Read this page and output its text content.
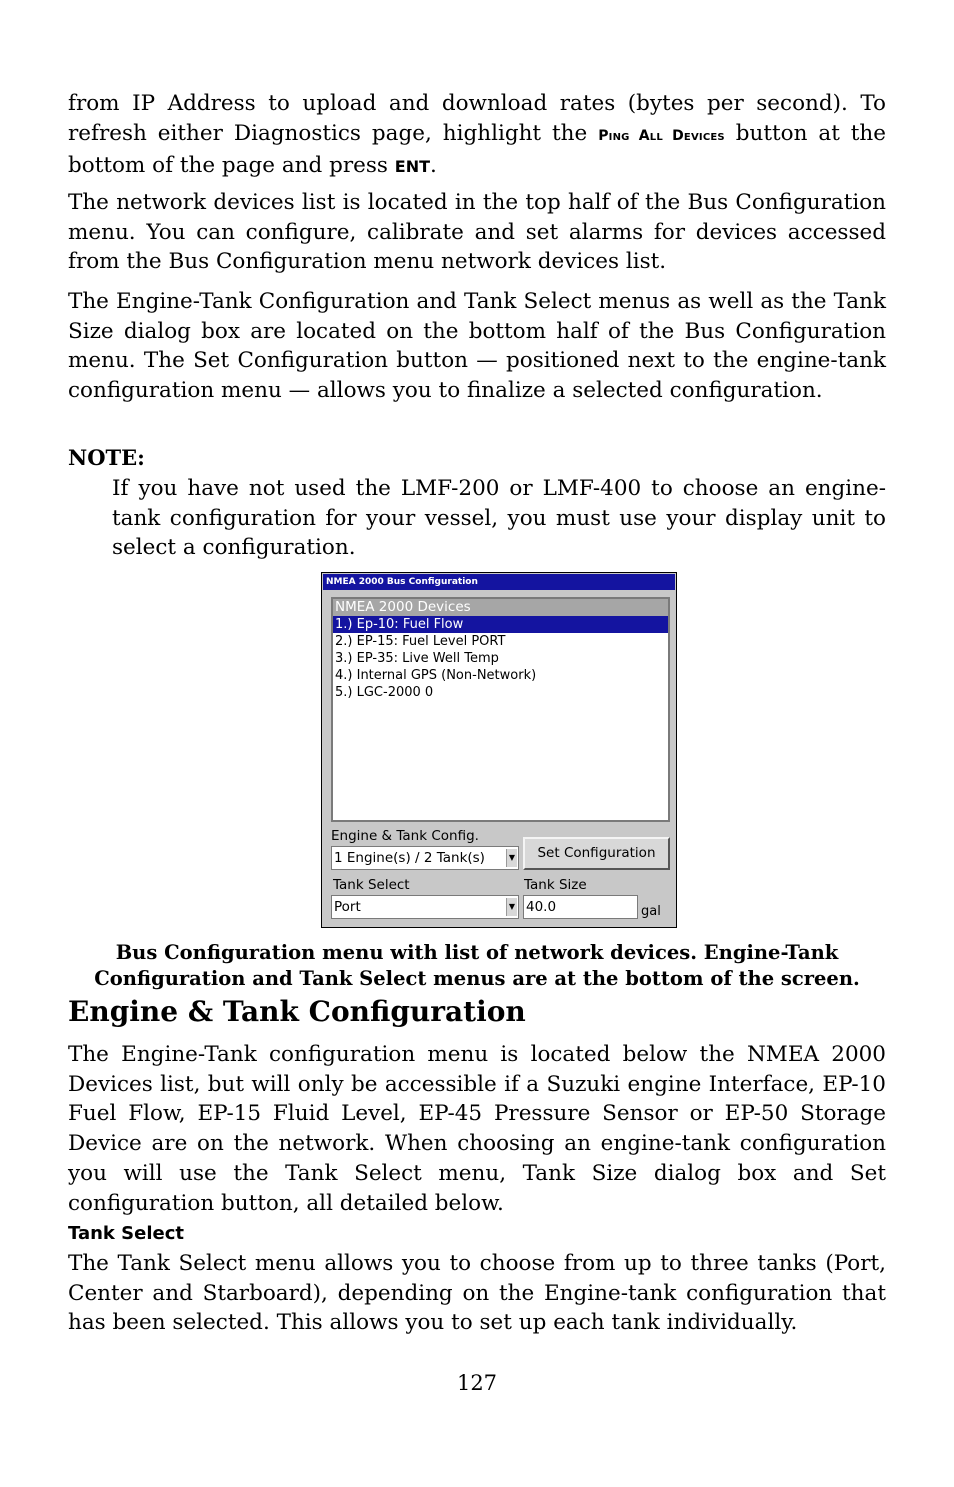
from IP Address to upload and download rates (bytes per second). To refresh either Diagnostics page, highlight the Ping All Devices button at the bottom of the page and press ENT.

The network devices list is located in the top half of the Bus Configuration menu. You can configure, calibrate and set alarms for devices accessed from the Bus Configuration menu network devices list.

The Engine-Tank Configuration and Tank Select menus as well as the Tank Size dialog box are located on the bottom half of the Bus Configuration menu. The Set Configuration button — positioned next to the engine-tank configuration menu — allows you to finalize a selected configuration.

NOTE:

If you have not used the LMF-200 or LMF-400 to choose an engine-tank configuration for your vessel, you must use your display unit to select a configuration.

NMEA 2000 Bus Configuration
NMEA 2000 Devices
1.) Ep-10: Fuel Flow
2.) EP-15: Fuel Level PORT
3.) EP-35: Live Well Temp
4.) Internal GPS (Non-Network)
5.) LGC-2000 0
Engine & Tank Config.
1 Engine(s) / 2 Tank(s)	▼	Set Configuration
Tank Select
Port	▼
Tank Size
40.0	gal

Bus Configuration menu with list of network devices. Engine-Tank Configuration and Tank Select menus are at the bottom of the screen.

Engine & Tank Configuration

The Engine-Tank configuration menu is located below the NMEA 2000 Devices list, but will only be accessible if a Suzuki engine Interface, EP-10 Fuel Flow, EP-15 Fluid Level, EP-45 Pressure Sensor or EP-50 Storage Device are on the network. When choosing an engine-tank configuration you will use the Tank Select menu, Tank Size dialog box and Set configuration button, all detailed below.

Tank Select

The Tank Select menu allows you to choose from up to three tanks (Port, Center and Starboard), depending on the Engine-tank configuration that has been selected. This allows you to set up each tank individually.

127
